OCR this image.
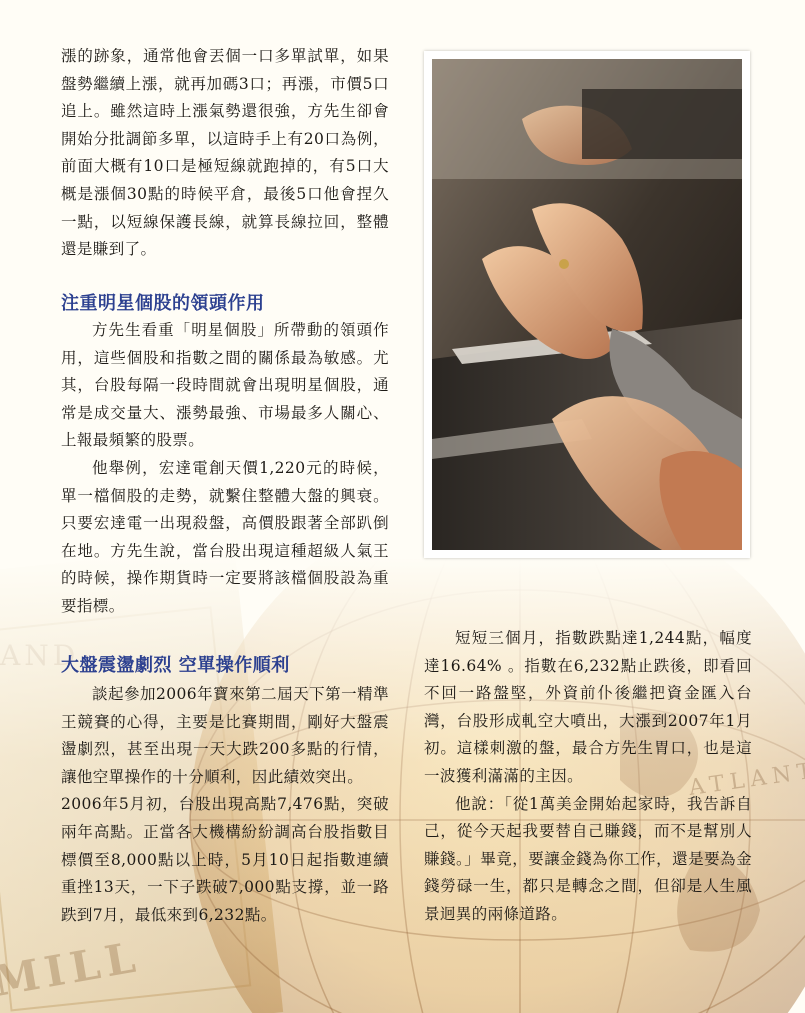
漲的跡象，通常他會丟個一口多單試單，如果盤勢繼續上漲，就再加碼3口；再漲，市價5口追上。雖然這時上漲氣勢還很強，方先生卻會開始分批調節多單，以這時手上有20口為例，前面大概有10口是極短線就跑掉的，有5口大概是漲個30點的時候平倉，最後5口他會捏久一點，以短線保護長線，就算長線拉回，整體還是賺到了。

注重明星個股的領頭作用

方先生看重「明星個股」所帶動的領頭作用，這些個股和指數之間的關係最為敏感。尤其，台股每隔一段時間就會出現明星個股，通常是成交量大、漲勢最強、市場最多人關心、上報最頻繁的股票。

他舉例，宏達電創天價1,220元的時候，單一檔個股的走勢，就繫住整體大盤的興衰。只要宏達電一出現殺盤，高價股跟著全部趴倒在地。方先生說，當台股出現這種超級人氣王的時候，操作期貨時一定要將該檔個股設為重要指標。

大盤震盪劇烈 空單操作順利

談起參加2006年寶來第二屆天下第一精準王競賽的心得，主要是比賽期間，剛好大盤震盪劇烈，甚至出現一天大跌200多點的行情，讓他空單操作的十分順利，因此績效突出。

2006年5月初，台股出現高點7,476點，突破兩年高點。正當各大機構紛紛調高台股指數目標價至8,000點以上時，5月10日起指數連續重挫13天，一下子跌破7,000點支撐，並一路跌到7月，最低來到6,232點。

短短三個月，指數跌點達1,244點，幅度達16.64% 。指數在6,232點止跌後，即看回不回一路盤堅，外資前仆後繼把資金匯入台灣，台股形成軋空大噴出，大漲到2007年1月初。這樣刺激的盤，最合方先生胃口，也是這一波獲利滿滿的主因。

他說：「從1萬美金開始起家時，我告訴自己，從今天起我要替自己賺錢，而不是幫別人賺錢。」畢竟，要讓金錢為你工作，還是要為金錢勞碌一生，都只是轉念之間，但卻是人生風景迥異的兩條道路。
